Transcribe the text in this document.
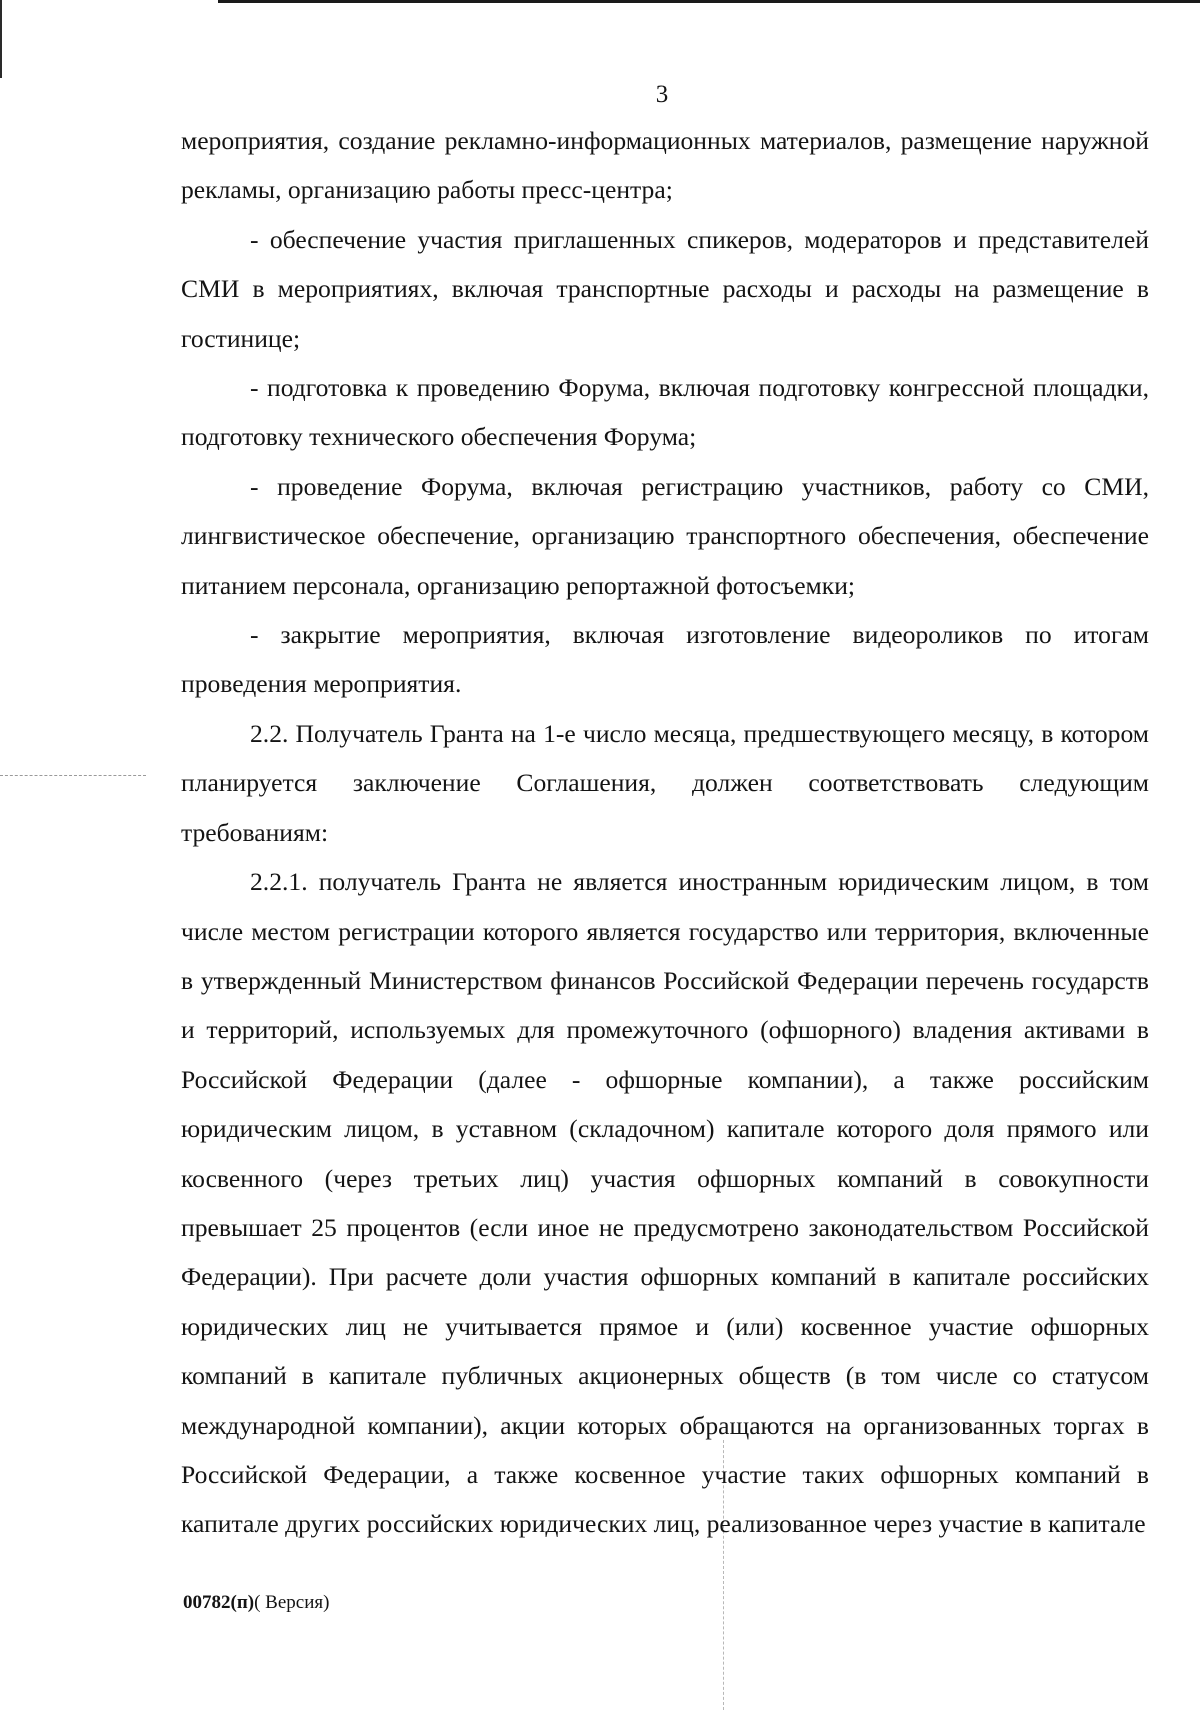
3

мероприятия, создание рекламно-информационных материалов, размещение наружной рекламы, организацию работы пресс-центра;

- обеспечение участия приглашенных спикеров, модераторов и представителей СМИ в мероприятиях, включая транспортные расходы и расходы на размещение в гостинице;

- подготовка к проведению Форума, включая подготовку конгрессной площадки, подготовку технического обеспечения Форума;

- проведение Форума, включая регистрацию участников, работу со СМИ, лингвистическое обеспечение, организацию транспортного обеспечения, обеспечение питанием персонала, организацию репортажной фотосъемки;

- закрытие мероприятия, включая изготовление видеороликов по итогам проведения мероприятия.

2.2. Получатель Гранта на 1-е число месяца, предшествующего месяцу, в котором планируется заключение Соглашения, должен соответствовать следующим требованиям:

2.2.1. получатель Гранта не является иностранным юридическим лицом, в том числе местом регистрации которого является государство или территория, включенные в утвержденный Министерством финансов Российской Федерации перечень государств и территорий, используемых для промежуточного (офшорного) владения активами в Российской Федерации (далее - офшорные компании), а также российским юридическим лицом, в уставном (складочном) капитале которого доля прямого или косвенного (через третьих лиц) участия офшорных компаний в совокупности превышает 25 процентов (если иное не предусмотрено законодательством Российской Федерации). При расчете доли участия офшорных компаний в капитале российских юридических лиц не учитывается прямое и (или) косвенное участие офшорных компаний в капитале публичных акционерных обществ (в том числе со статусом международной компании), акции которых обращаются на организованных торгах в Российской Федерации, а также косвенное участие таких офшорных компаний в капитале других российских юридических лиц, реализованное через участие в капитале

00782(п)( Версия)
